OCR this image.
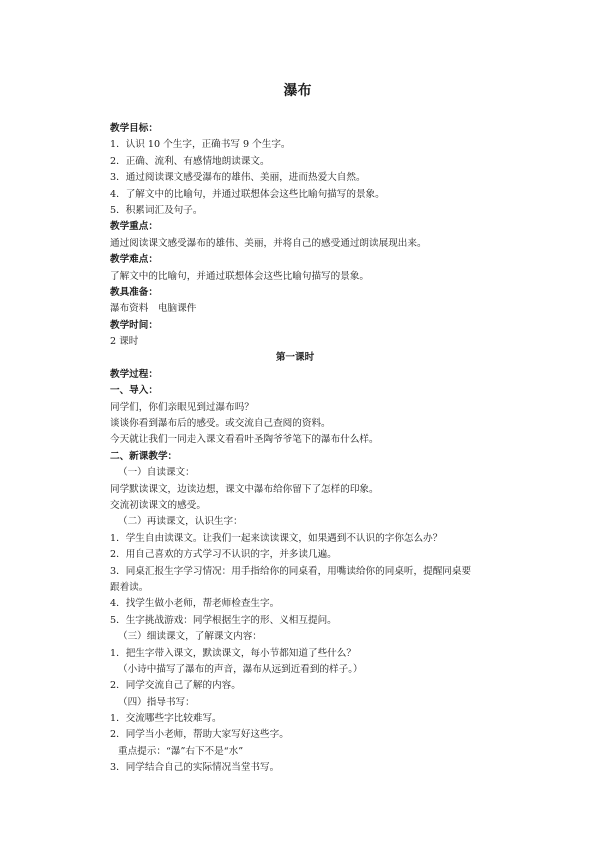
瀑布
教学目标：
1．认识 10 个生字，正确书写 9 个生字。
2．正确、流利、有感情地朗读课文。
3．通过阅读课文感受瀑布的雄伟、美丽，进而热爱大自然。
4．了解文中的比喻句，并通过联想体会这些比喻句描写的景象。
5．积累词汇及句子。
教学重点：
通过阅读课文感受瀑布的雄伟、美丽，并将自己的感受通过朗读展现出来。
教学难点：
了解文中的比喻句，并通过联想体会这些比喻句描写的景象。
教具准备：
瀑布资料　电脑课件
教学时间：
2 课时
第一课时
教学过程：
一、导入：
同学们，你们亲眼见到过瀑布吗？
谈谈你看到瀑布后的感受。或交流自己查阅的资料。
今天就让我们一同走入课文看看叶圣陶爷爷笔下的瀑布什么样。
二、新课教学：
（一）自读课文：
同学默读课文，边读边想，课文中瀑布给你留下了怎样的印象。
交流初读课文的感受。
（二）再读课文，认识生字：
1．学生自由读课文。让我们一起来读读课文，如果遇到不认识的字你怎么办？
2．用自己喜欢的方式学习不认识的字，并多读几遍。
3．同桌汇报生字学习情况：用手指给你的同桌看，用嘴读给你的同桌听，提醒同桌要跟着读。
4．找学生做小老师，帮老师检查生字。
5．生字挑战游戏：同学根据生字的形、义相互提问。
（三）细读课文，了解课文内容：
1．把生字带入课文，默读课文，每小节都知道了些什么？
（小诗中描写了瀑布的声音，瀑布从远到近看到的样子。）
2．同学交流自己了解的内容。
（四）指导书写：
1．交流哪些字比较难写。
2．同学当小老师，帮助大家写好这些字。
重点提示：“瀑”右下不是“水”
3．同学结合自己的实际情况当堂书写。
